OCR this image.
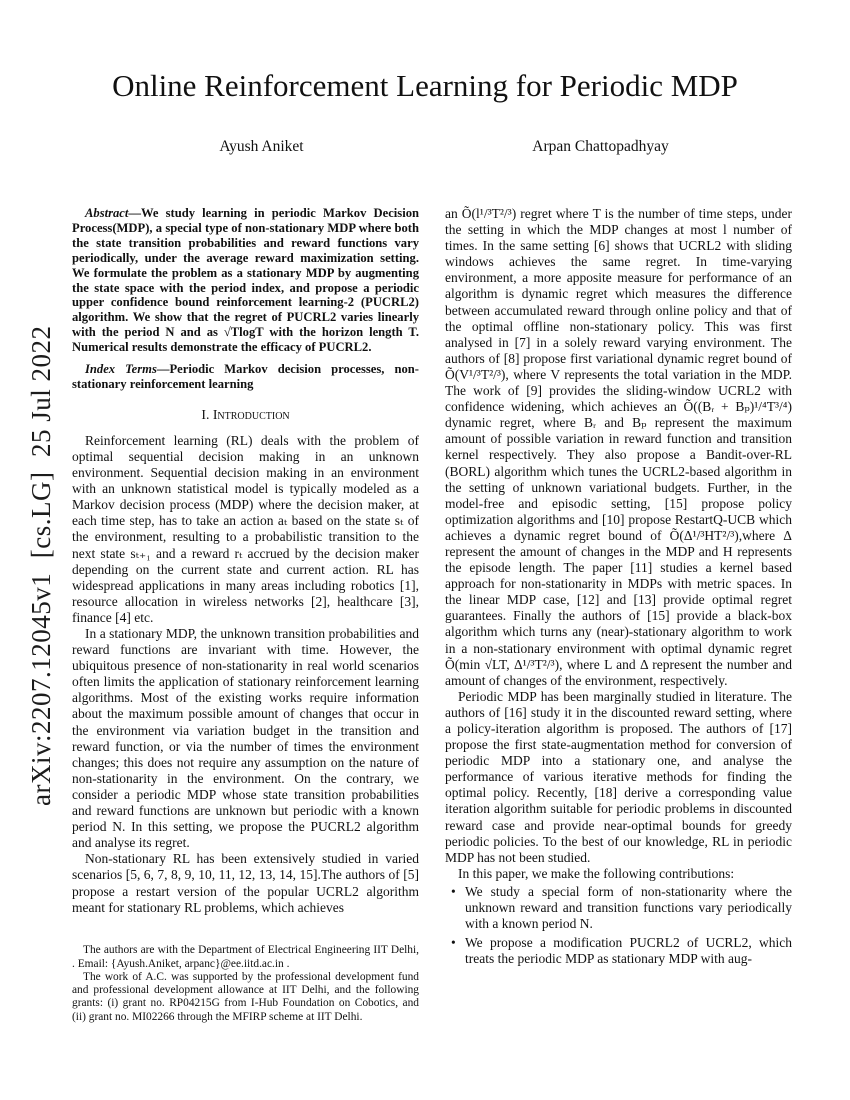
arXiv:2207.12045v1  [cs.LG]  25 Jul 2022
Online Reinforcement Learning for Periodic MDP
Ayush Aniket	Arpan Chattopadhyay

Abstract—We study learning in periodic Markov Decision Process(MDP), a special type of non-stationary MDP where both the state transition probabilities and reward functions vary periodically, under the average reward maximization setting. We formulate the problem as a stationary MDP by augmenting the state space with the period index, and propose a periodic upper confidence bound reinforcement learning-2 (PUCRL2) algorithm. We show that the regret of PUCRL2 varies linearly with the period N and as √TlogT with the horizon length T. Numerical results demonstrate the efficacy of PUCRL2.

Index Terms—Periodic Markov decision processes, non-stationary reinforcement learning

I. Introduction

Reinforcement learning (RL) deals with the problem of optimal sequential decision making in an unknown environment. Sequential decision making in an environment with an unknown statistical model is typically modeled as a Markov decision process (MDP) where the decision maker, at each time step, has to take an action aₜ based on the state sₜ of the environment, resulting to a probabilistic transition to the next state sₜ₊₁ and a reward rₜ accrued by the decision maker depending on the current state and current action. RL has widespread applications in many areas including robotics [1], resource allocation in wireless networks [2], healthcare [3], finance [4] etc.

In a stationary MDP, the unknown transition probabilities and reward functions are invariant with time. However, the ubiquitous presence of non-stationarity in real world scenarios often limits the application of stationary reinforcement learning algorithms. Most of the existing works require information about the maximum possible amount of changes that occur in the environment via variation budget in the transition and reward function, or via the number of times the environment changes; this does not require any assumption on the nature of non-stationarity in the environment. On the contrary, we consider a periodic MDP whose state transition probabilities and reward functions are unknown but periodic with a known period N. In this setting, we propose the PUCRL2 algorithm and analyse its regret.

Non-stationary RL has been extensively studied in varied scenarios [5, 6, 7, 8, 9, 10, 11, 12, 13, 14, 15].The authors of [5] propose a restart version of the popular UCRL2 algorithm meant for stationary RL problems, which achieves

The authors are with the Department of Electrical Engineering IIT Delhi, . Email: {Ayush.Aniket, arpanc}@ee.iitd.ac.in .

The work of A.C. was supported by the professional development fund and professional development allowance at IIT Delhi, and the following grants: (i) grant no. RP04215G from I-Hub Foundation on Cobotics, and (ii) grant no. MI02266 through the MFIRP scheme at IIT Delhi.

an Õ(l¹/³T²/³) regret where T is the number of time steps, under the setting in which the MDP changes at most l number of times. In the same setting [6] shows that UCRL2 with sliding windows achieves the same regret. In time-varying environment, a more apposite measure for performance of an algorithm is dynamic regret which measures the difference between accumulated reward through online policy and that of the optimal offline non-stationary policy. This was first analysed in [7] in a solely reward varying environment. The authors of [8] propose first variational dynamic regret bound of Õ(V¹/³T²/³), where V represents the total variation in the MDP. The work of [9] provides the sliding-window UCRL2 with confidence widening, which achieves an Õ((Bᵣ + Bₚ)¹/⁴T³/⁴) dynamic regret, where Bᵣ and Bₚ represent the maximum amount of possible variation in reward function and transition kernel respectively. They also propose a Bandit-over-RL (BORL) algorithm which tunes the UCRL2-based algorithm in the setting of unknown variational budgets. Further, in the model-free and episodic setting, [15] propose policy optimization algorithms and [10] propose RestartQ-UCB which achieves a dynamic regret bound of Õ(Δ¹/³HT²/³),where Δ represent the amount of changes in the MDP and H represents the episode length. The paper [11] studies a kernel based approach for non-stationarity in MDPs with metric spaces. In the linear MDP case, [12] and [13] provide optimal regret guarantees. Finally the authors of [15] provide a black-box algorithm which turns any (near)-stationary algorithm to work in a non-stationary environment with optimal dynamic regret Õ(min √LT, Δ¹/³T²/³), where L and Δ represent the number and amount of changes of the environment, respectively.

Periodic MDP has been marginally studied in literature. The authors of [16] study it in the discounted reward setting, where a policy-iteration algorithm is proposed. The authors of [17] propose the first state-augmentation method for conversion of periodic MDP into a stationary one, and analyse the performance of various iterative methods for finding the optimal policy. Recently, [18] derive a corresponding value iteration algorithm suitable for periodic problems in discounted reward case and provide near-optimal bounds for greedy periodic policies. To the best of our knowledge, RL in periodic MDP has not been studied.

In this paper, we make the following contributions:

• We study a special form of non-stationarity where the unknown reward and transition functions vary periodically with a known period N.
• We propose a modification PUCRL2 of UCRL2, which treats the periodic MDP as stationary MDP with aug-
